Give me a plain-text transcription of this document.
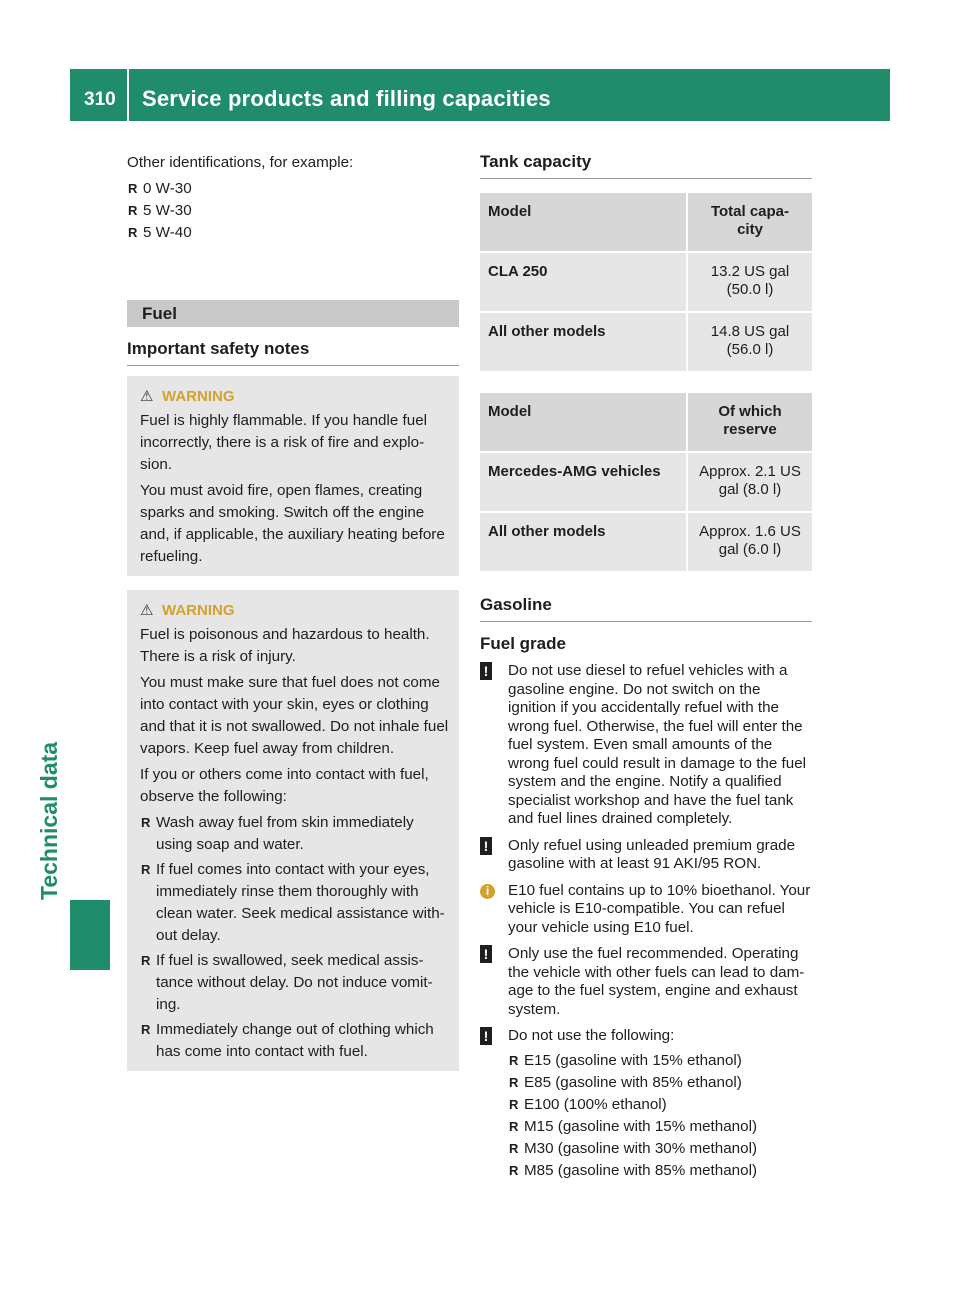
310 Service products and filling capacities
Technical data
Other identifications, for example:
R 0 W-30
R 5 W-30
R 5 W-40
Fuel
Important safety notes
⚠ WARNING
Fuel is highly flammable. If you handle fuel incorrectly, there is a risk of fire and explo- sion.
You must avoid fire, open flames, creating sparks and smoking. Switch off the engine and, if applicable, the auxiliary heating before refueling.
⚠ WARNING
Fuel is poisonous and hazardous to health. There is a risk of injury.
You must make sure that fuel does not come into contact with your skin, eyes or clothing and that it is not swallowed. Do not inhale fuel vapors. Keep fuel away from children.
If you or others come into contact with fuel, observe the following:
R Wash away fuel from skin immediately using soap and water.
R If fuel comes into contact with your eyes, immediately rinse them thoroughly with clean water. Seek medical assistance with- out delay.
R If fuel is swallowed, seek medical assis- tance without delay. Do not induce vomit- ing.
R Immediately change out of clothing which has come into contact with fuel.
Tank capacity
Model	Total capa- city
CLA 250	13.2 US gal (50.0 l)
All other models	14.8 US gal (56.0 l)
Model	Of which reserve
Mercedes-AMG vehicles	Approx. 2.1 US gal (8.0 l)
All other models	Approx. 1.6 US gal (6.0 l)
Gasoline
Fuel grade
! Do not use diesel to refuel vehicles with a gasoline engine. Do not switch on the ignition if you accidentally refuel with the wrong fuel. Otherwise, the fuel will enter the fuel system. Even small amounts of the wrong fuel could result in damage to the fuel system and the engine. Notify a qualified specialist workshop and have the fuel tank and fuel lines drained completely.
! Only refuel using unleaded premium grade gasoline with at least 91 AKI/95 RON.
i	E10 fuel contains up to 10% bioethanol. Your vehicle is E10-compatible. You can refuel your vehicle using E10 fuel.
! Only use the fuel recommended. Operating the vehicle with other fuels can lead to dam- age to the fuel system, engine and exhaust system.
! Do not use the following:
R E15 (gasoline with 15% ethanol)
R E85 (gasoline with 85% ethanol)
R E100 (100% ethanol)
R M15 (gasoline with 15% methanol)
R M30 (gasoline with 30% methanol)
R M85 (gasoline with 85% methanol)
